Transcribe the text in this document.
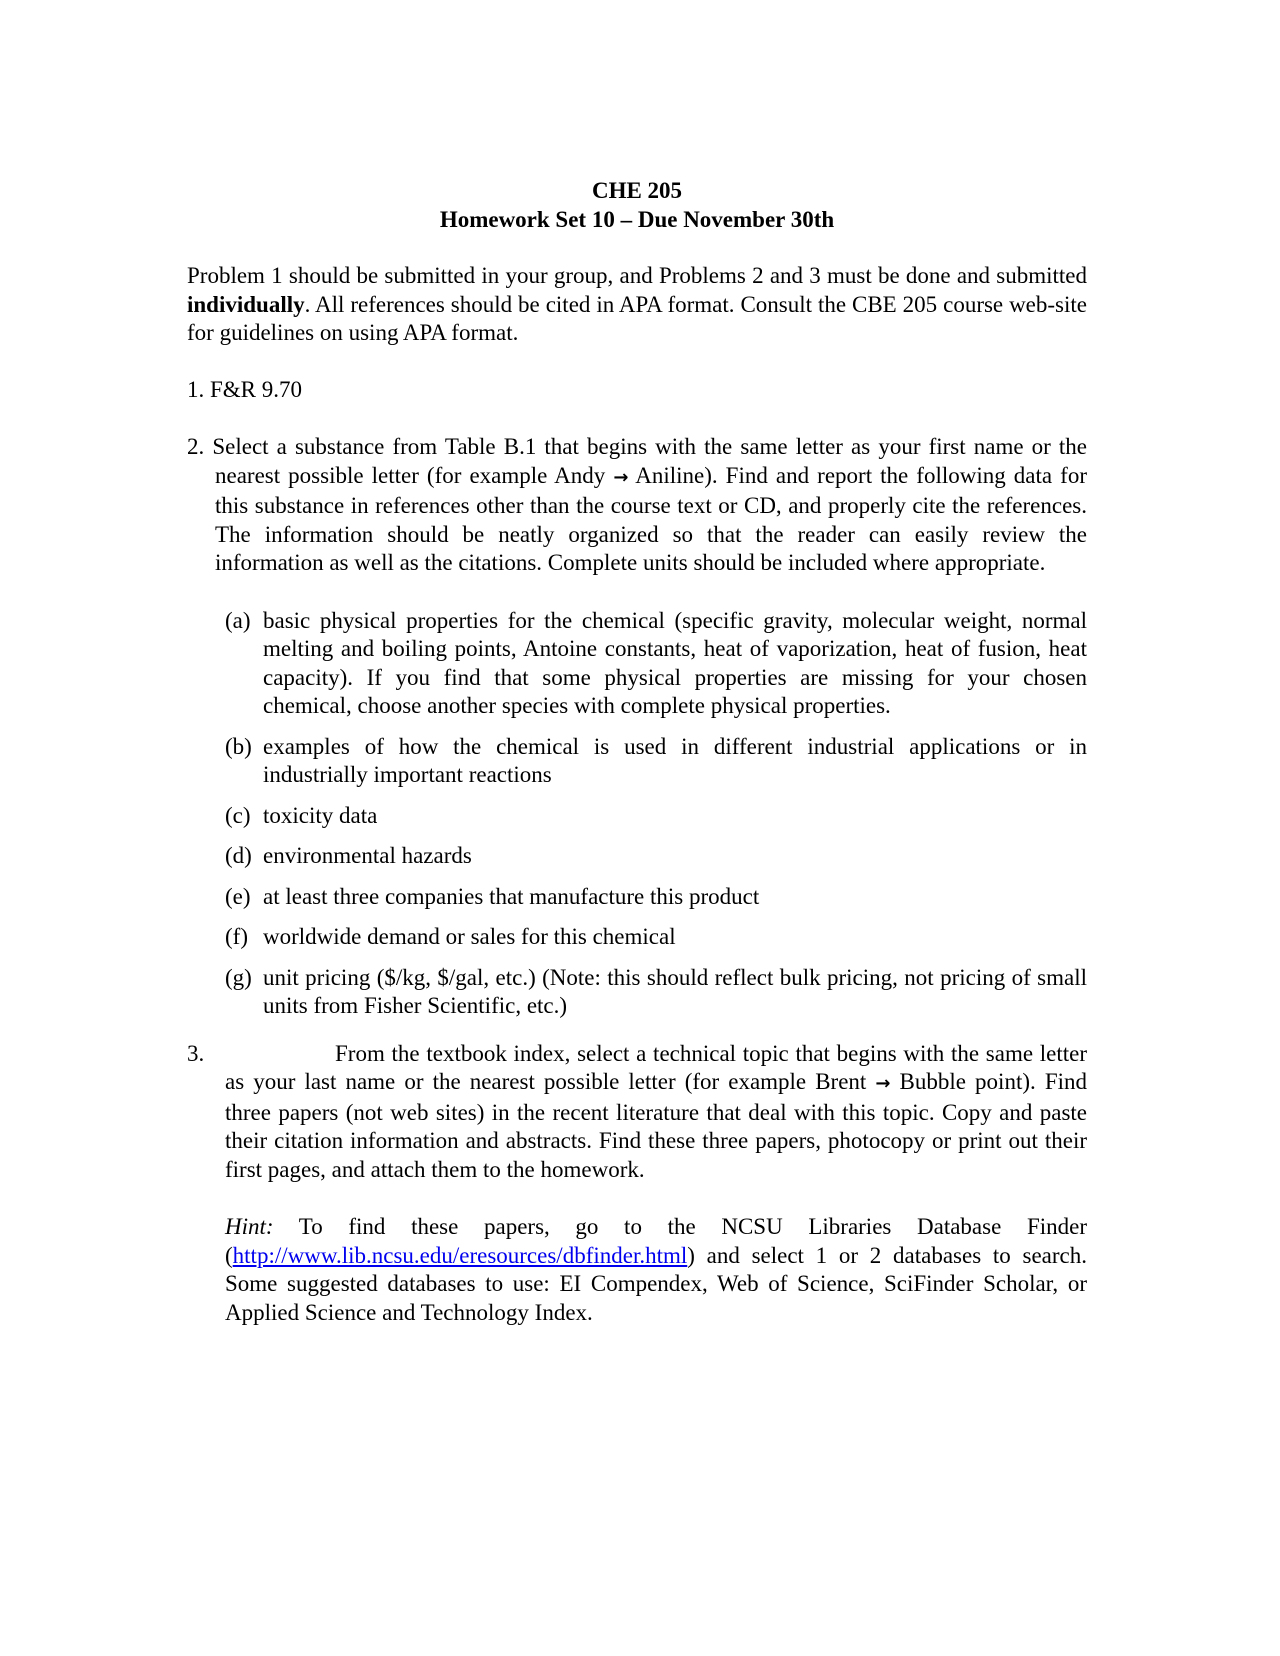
CHE 205
Homework Set 10 – Due November 30th

Problem 1 should be submitted in your group, and Problems 2 and 3 must be done and submitted individually. All references should be cited in APA format. Consult the CBE 205 course web-site for guidelines on using APA format.

1. F&R 9.70

2. Select a substance from Table B.1 that begins with the same letter as your first name or the nearest possible letter (for example Andy → Aniline). Find and report the following data for this substance in references other than the course text or CD, and properly cite the references. The information should be neatly organized so that the reader can easily review the information as well as the citations. Complete units should be included where appropriate.

(a) basic physical properties for the chemical (specific gravity, molecular weight, normal melting and boiling points, Antoine constants, heat of vaporization, heat of fusion, heat capacity). If you find that some physical properties are missing for your chosen chemical, choose another species with complete physical properties.
(b) examples of how the chemical is used in different industrial applications or in industrially important reactions
(c) toxicity data
(d) environmental hazards
(e) at least three companies that manufacture this product
(f) worldwide demand or sales for this chemical
(g) unit pricing ($/kg, $/gal, etc.) (Note: this should reflect bulk pricing, not pricing of small units from Fisher Scientific, etc.)
3.	From the textbook index, select a technical topic that begins with the same letter as your last name or the nearest possible letter (for example Brent → Bubble point). Find three papers (not web sites) in the recent literature that deal with this topic. Copy and paste their citation information and abstracts. Find these three papers, photocopy or print out their first pages, and attach them to the homework.

Hint: To find these papers, go to the NCSU Libraries Database Finder (http://www.lib.ncsu.edu/eresources/dbfinder.html) and select 1 or 2 databases to search. Some suggested databases to use: EI Compendex, Web of Science, SciFinder Scholar, or Applied Science and Technology Index.
